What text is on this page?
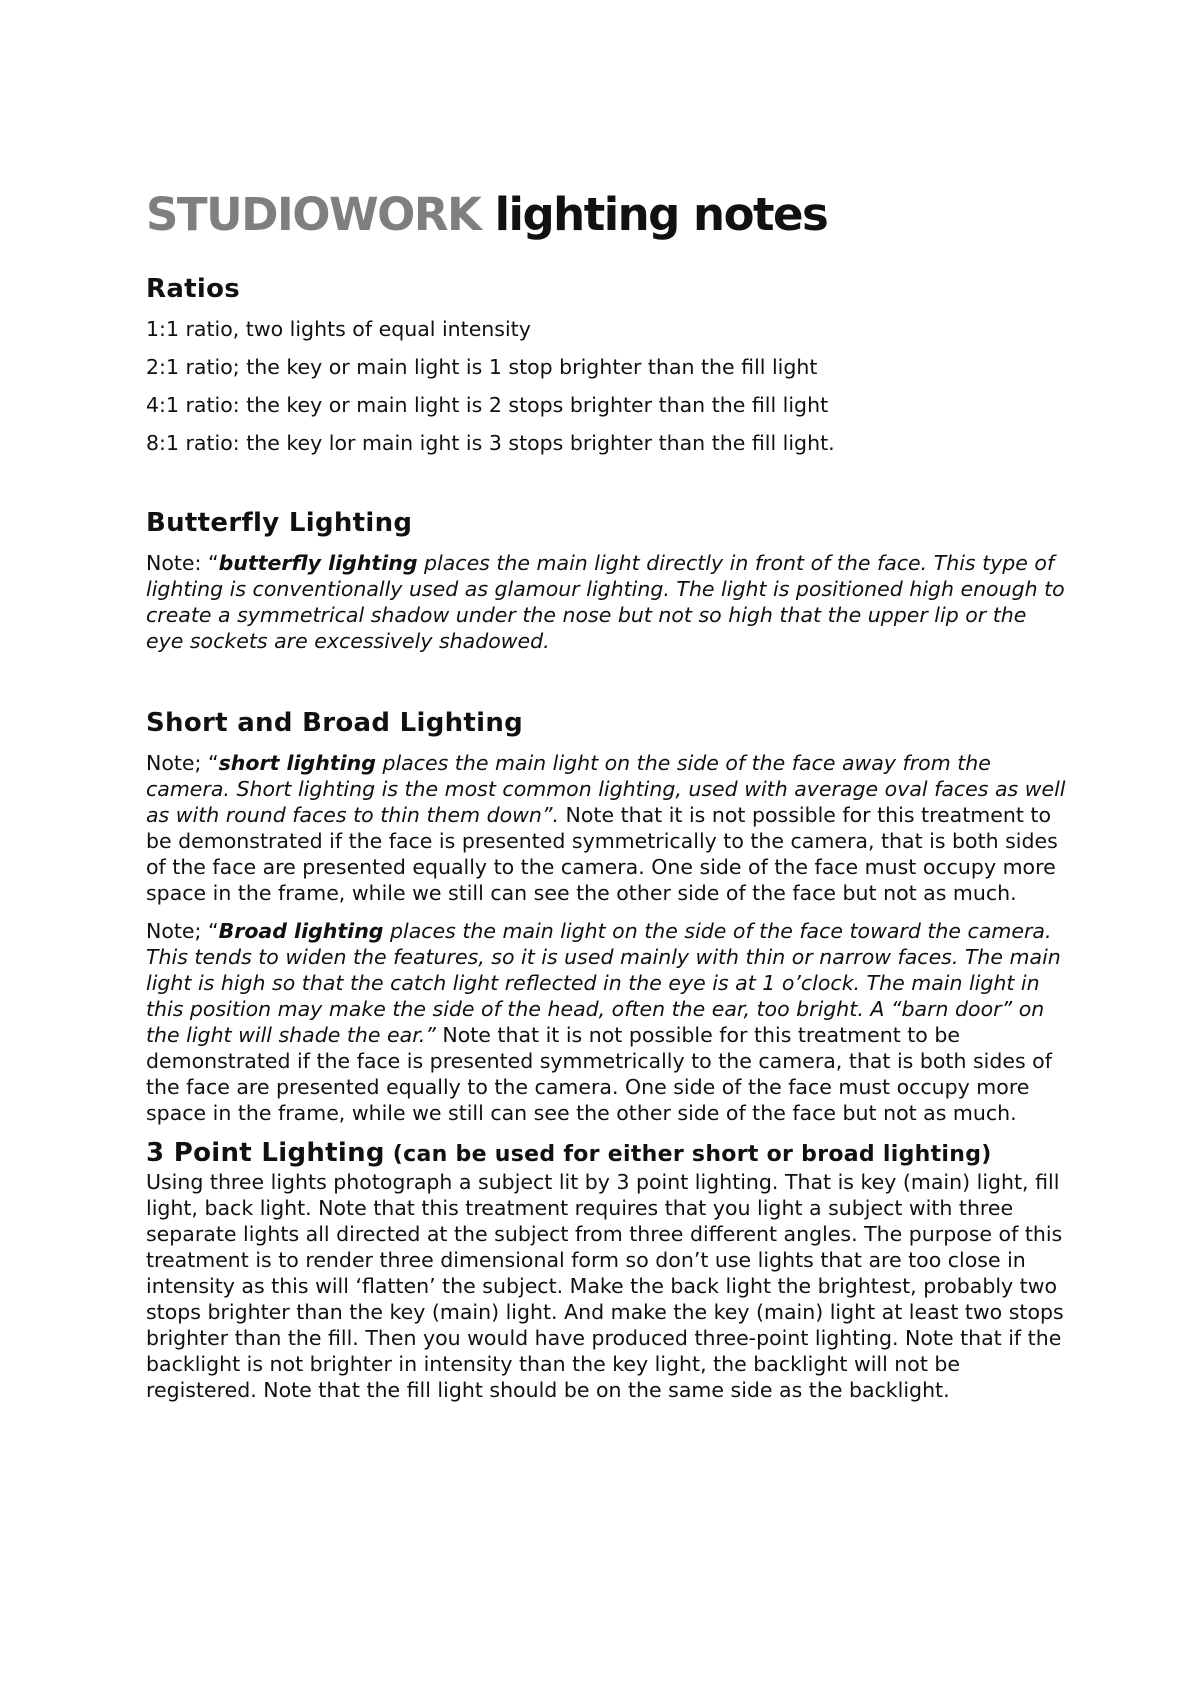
STUDIOWORK lighting notes
Ratios

1:1 ratio, two lights of equal intensity

2:1 ratio; the key or main light is 1 stop brighter than the fill light

4:1 ratio: the key or main light is 2 stops brighter than the fill light

8:1 ratio: the key lor main ight is 3 stops brighter than the fill light.

Butterfly Lighting

Note: “butterfly lighting places the main light directly in front of the face. This type of lighting is conventionally used as glamour lighting. The light is positioned high enough to create a symmetrical shadow under the nose but not so high that the upper lip or the eye sockets are excessively shadowed.

Short and Broad Lighting

Note; “short lighting places the main light on the side of the face away from the camera. Short lighting is the most common lighting, used with average oval faces as well as with round faces to thin them down”. Note that it is not possible for this treatment to be demonstrated if the face is presented symmetrically to the camera, that is both sides of the face are presented equally to the camera. One side of the face must occupy more space in the frame, while we still can see the other side of the face but not as much.

Note; “Broad lighting places the main light on the side of the face toward the camera. This tends to widen the features, so it is used mainly with thin or narrow faces. The main light is high so that the catch light reflected in the eye is at 1 o’clock. The main light in this position may make the side of the head, often the ear, too bright. A “barn door” on the light will shade the ear.” Note that it is not possible for this treatment to be demonstrated if the face is presented symmetrically to the camera, that is both sides of the face are presented equally to the camera. One side of the face must occupy more space in the frame, while we still can see the other side of the face but not as much.

3 Point Lighting (can be used for either short or broad lighting)

Using three lights photograph a subject lit by 3 point lighting. That is key (main) light, fill light, back light. Note that this treatment requires that you light a subject with three separate lights all directed at the subject from three different angles. The purpose of this treatment is to render three dimensional form so don’t use lights that are too close in intensity as this will ‘flatten’ the subject. Make the back light the brightest, probably two stops brighter than the key (main) light. And make the key (main) light at least two stops brighter than the fill. Then you would have produced three-point lighting. Note that if the backlight is not brighter in intensity than the key light, the backlight will not be registered. Note that the fill light should be on the same side as the backlight.
